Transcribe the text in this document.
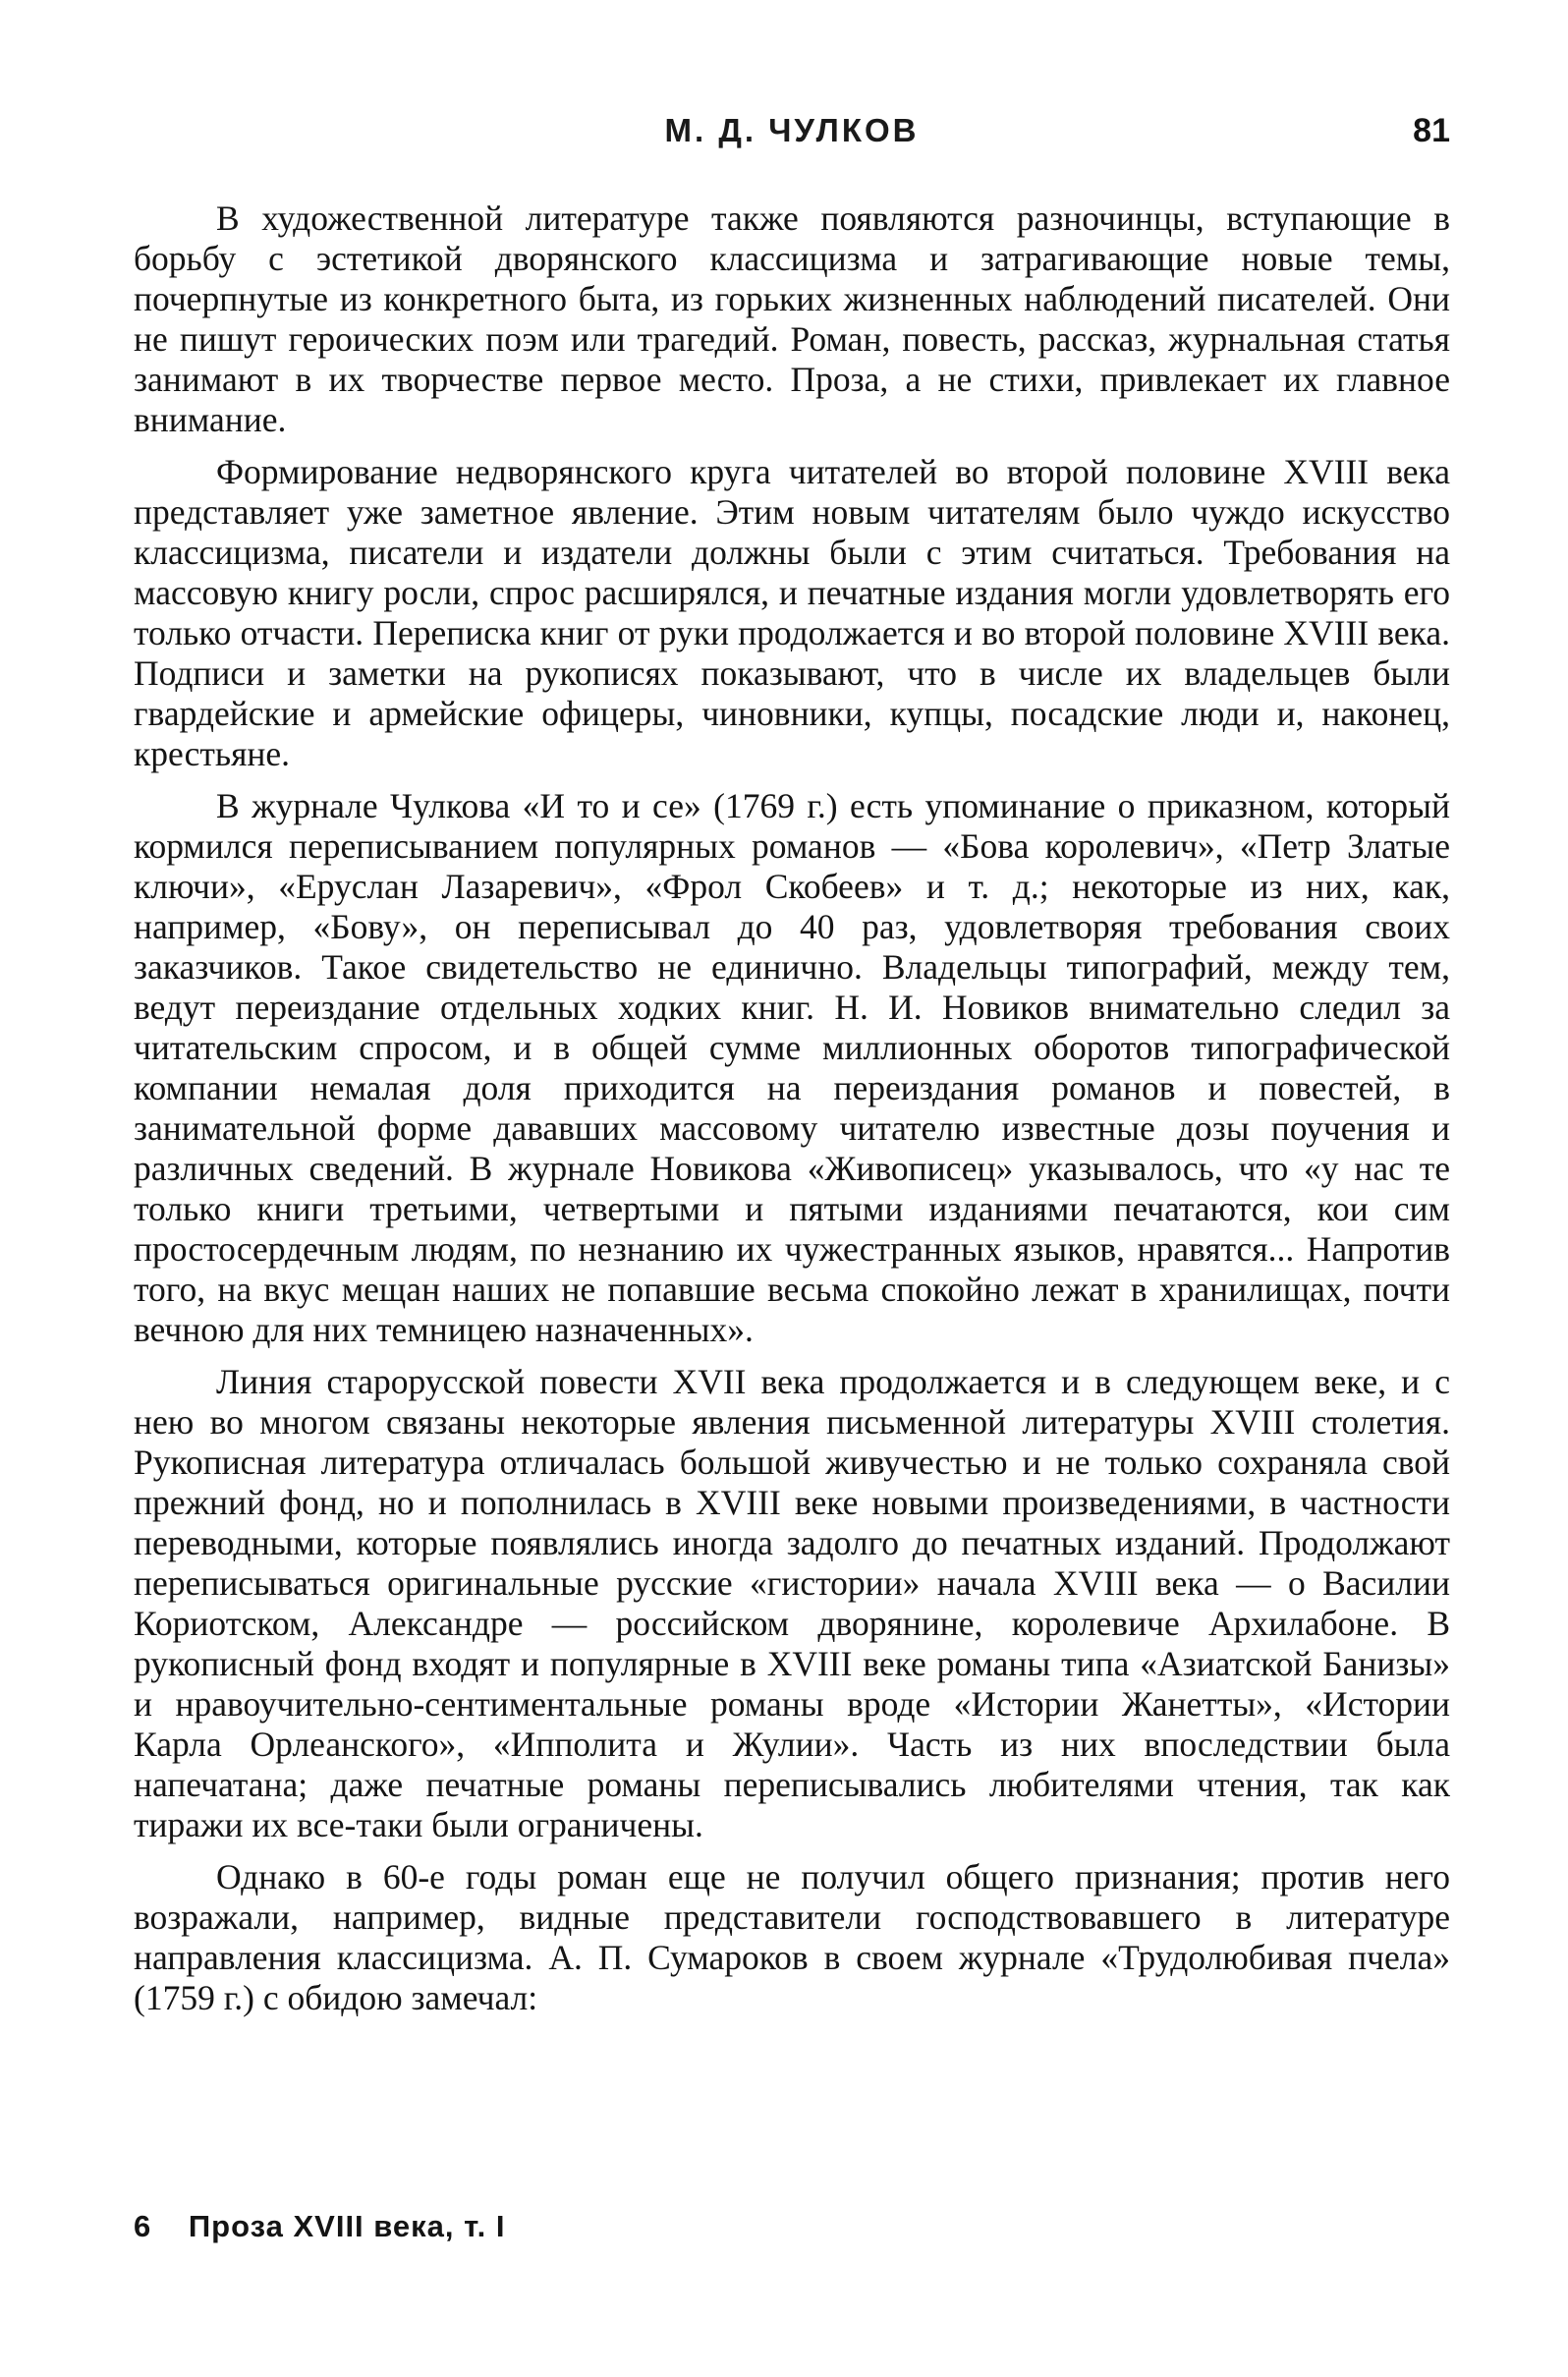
М. Д. ЧУЛКОВ	81

В художественной литературе также появляются разночинцы, вступающие в борьбу с эстетикой дворянского классицизма и затрагивающие новые темы, почерпнутые из конкретного быта, из горьких жизненных наблюдений писателей. Они не пишут героических поэм или трагедий. Роман, повесть, рассказ, журнальная статья занимают в их творчестве первое место. Проза, а не стихи, привлекает их главное внимание.

Формирование недворянского круга читателей во второй половине XVIII века представляет уже заметное явление. Этим новым читателям было чуждо искусство классицизма, писатели и издатели должны были с этим считаться. Требования на массовую книгу росли, спрос расширялся, и печатные издания могли удовлетворять его только отчасти. Переписка книг от руки продолжается и во второй половине XVIII века. Подписи и заметки на рукописях показывают, что в числе их владельцев были гвардейские и армейские офицеры, чиновники, купцы, посадские люди и, наконец, крестьяне.

В журнале Чулкова «И то и се» (1769 г.) есть упоминание о приказном, который кормился переписыванием популярных романов — «Бова королевич», «Петр Златые ключи», «Еруслан Лазаревич», «Фрол Скобеев» и т. д.; некоторые из них, как, например, «Бову», он переписывал до 40 раз, удовлетворяя требования своих заказчиков. Такое свидетельство не единично. Владельцы типографий, между тем, ведут переиздание отдельных ходких книг. Н. И. Новиков внимательно следил за читательским спросом, и в общей сумме миллионных оборотов типографической компании немалая доля приходится на переиздания романов и повестей, в занимательной форме дававших массовому читателю известные дозы поучения и различных сведений. В журнале Новикова «Живописец» указывалось, что «у нас те только книги третьими, четвертыми и пятыми изданиями печатаются, кои сим простосердечным людям, по незнанию их чужестранных языков, нравятся... Напротив того, на вкус мещан наших не попавшие весьма спокойно лежат в хранилищах, почти вечною для них темницею назначенных».

Линия старорусской повести XVII века продолжается и в следующем веке, и с нею во многом связаны некоторые явления письменной литературы XVIII столетия. Рукописная литература отличалась большой живучестью и не только сохраняла свой прежний фонд, но и пополнилась в XVIII веке новыми произведениями, в частности переводными, которые появлялись иногда задолго до печатных изданий. Продолжают переписываться оригинальные русские «гистории» начала XVIII века — о Василии Кориотском, Александре — российском дворянине, королевиче Архилабоне. В рукописный фонд входят и популярные в XVIII веке романы типа «Азиатской Банизы» и нравоучительно-сентиментальные романы вроде «Истории Жанетты», «Истории Карла Орлеанского», «Ипполита и Жулии». Часть из них впоследствии была напечатана; даже печатные романы переписывались любителями чтения, так как тиражи их все-таки были ограничены.

Однако в 60-е годы роман еще не получил общего признания; против него возражали, например, видные представители господствовавшего в литературе направления классицизма. А. П. Сумароков в своем журнале «Трудолюбивая пчела» (1759 г.) с обидою замечал:

6 Проза XVIII века, т. I
